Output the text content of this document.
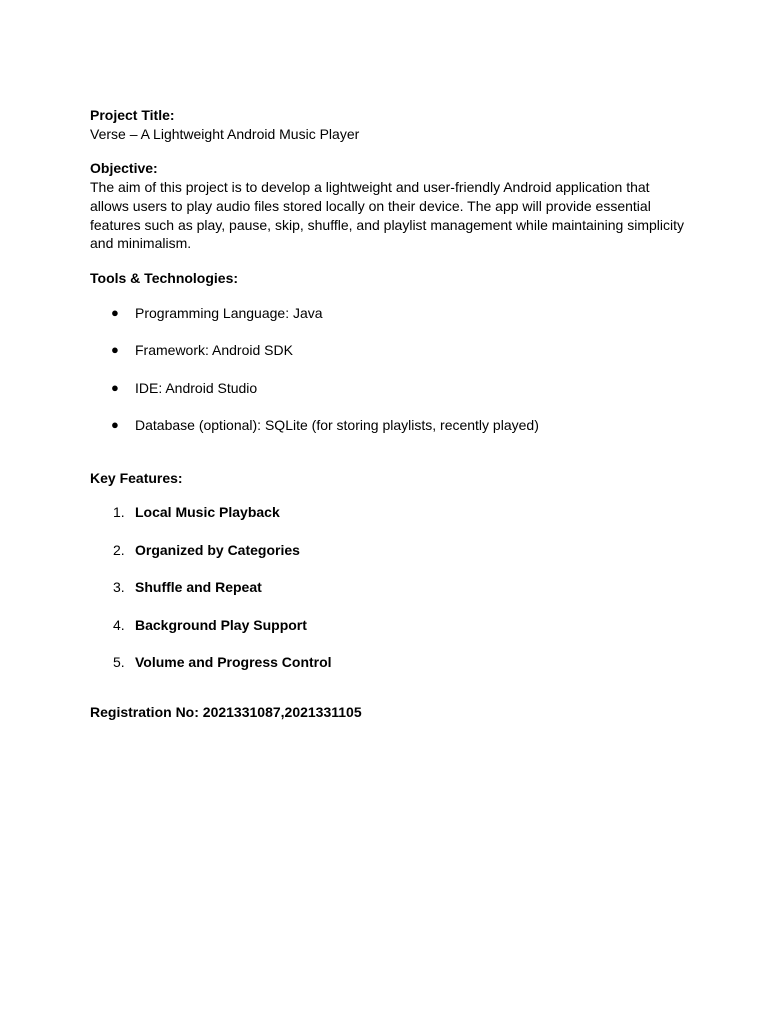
Project Title:

Verse – A Lightweight Android Music Player

Objective:

The aim of this project is to develop a lightweight and user-friendly Android application that allows users to play audio files stored locally on their device. The app will provide essential features such as play, pause, skip, shuffle, and playlist management while maintaining simplicity and minimalism.

Tools & Technologies:

● Programming Language: Java
● Framework: Android SDK
● IDE: Android Studio
● Database (optional): SQLite (for storing playlists, recently played)

Key Features:

1. Local Music Playback
2. Organized by Categories
3. Shuffle and Repeat
4. Background Play Support
5. Volume and Progress Control

Registration No: 2021331087,2021331105
